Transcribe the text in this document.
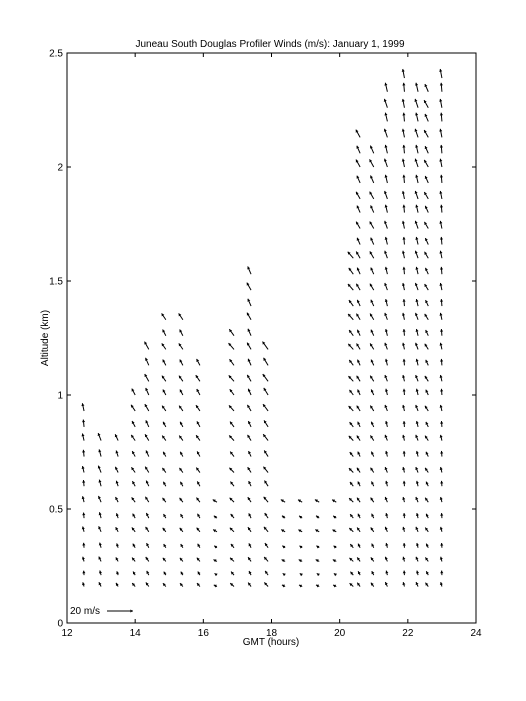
Juneau South Douglas Profiler Winds (m/s): January 1, 1999
12	14	16	18	20	22	24
0
0.5
1
1.5
2
2.5
20 m/s
GMT (hours)
Altitude (km)
